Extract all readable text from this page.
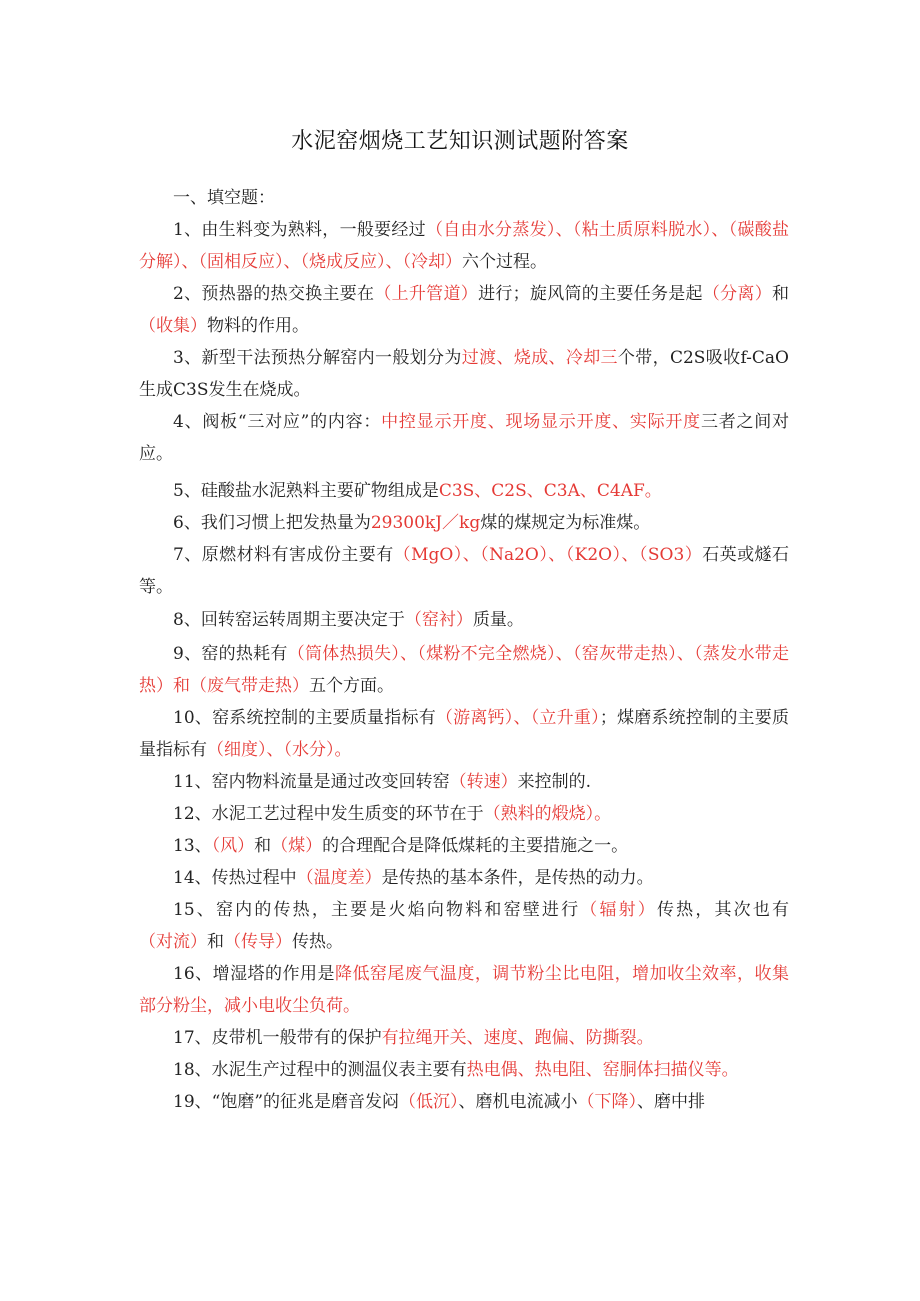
水泥窑烟烧工艺知识测试题附答案
一、填空题：
1、由生料变为熟料，一般要经过（自由水分蒸发）、（粘土质原料脱水）、（碳酸盐分解）、（固相反应）、（烧成反应）、（冷却）六个过程。
2、预热器的热交换主要在（上升管道）进行；旋风筒的主要任务是起（分离）和（收集）物料的作用。
3、新型干法预热分解窑内一般划分为过渡、烧成、冷却三个带，C2S吸收f-CaO生成C3S发生在烧成。
4、阀板“三对应”的内容：中控显示开度、现场显示开度、实际开度三者之间对应。
5、硅酸盐水泥熟料主要矿物组成是C3S、C2S、C3A、C4AF。
6、我们习惯上把发热量为29300kJ／kg煤的煤规定为标准煤。
7、原燃材料有害成份主要有（MgO）、（Na2O）、（K2O）、（SO3）石英或燧石等。
8、回转窑运转周期主要决定于（窑衬）质量。
9、窑的热耗有（筒体热损失）、（煤粉不完全燃烧）、（窑灰带走热）、（蒸发水带走热）和（废气带走热）五个方面。
10、窑系统控制的主要质量指标有（游离钙）、（立升重）；煤磨系统控制的主要质量指标有（细度）、（水分）。
11、窑内物料流量是通过改变回转窑（转速）来控制的.
12、水泥工艺过程中发生质变的环节在于（熟料的煅烧）。
13、（风）和（煤）的合理配合是降低煤耗的主要措施之一。
14、传热过程中（温度差）是传热的基本条件，是传热的动力。
15、窑内的传热，主要是火焰向物料和窑壁进行（辐射）传热，其次也有（对流）和（传导）传热。
16、增湿塔的作用是降低窑尾废气温度，调节粉尘比电阻，增加收尘效率，收集部分粉尘，减小电收尘负荷。
17、皮带机一般带有的保护有拉绳开关、速度、跑偏、防撕裂。
18、水泥生产过程中的测温仪表主要有热电偶、热电阻、窑胴体扫描仪等。
19、“饱磨”的征兆是磨音发闷（低沉）、磨机电流减小（下降）、磨中排
